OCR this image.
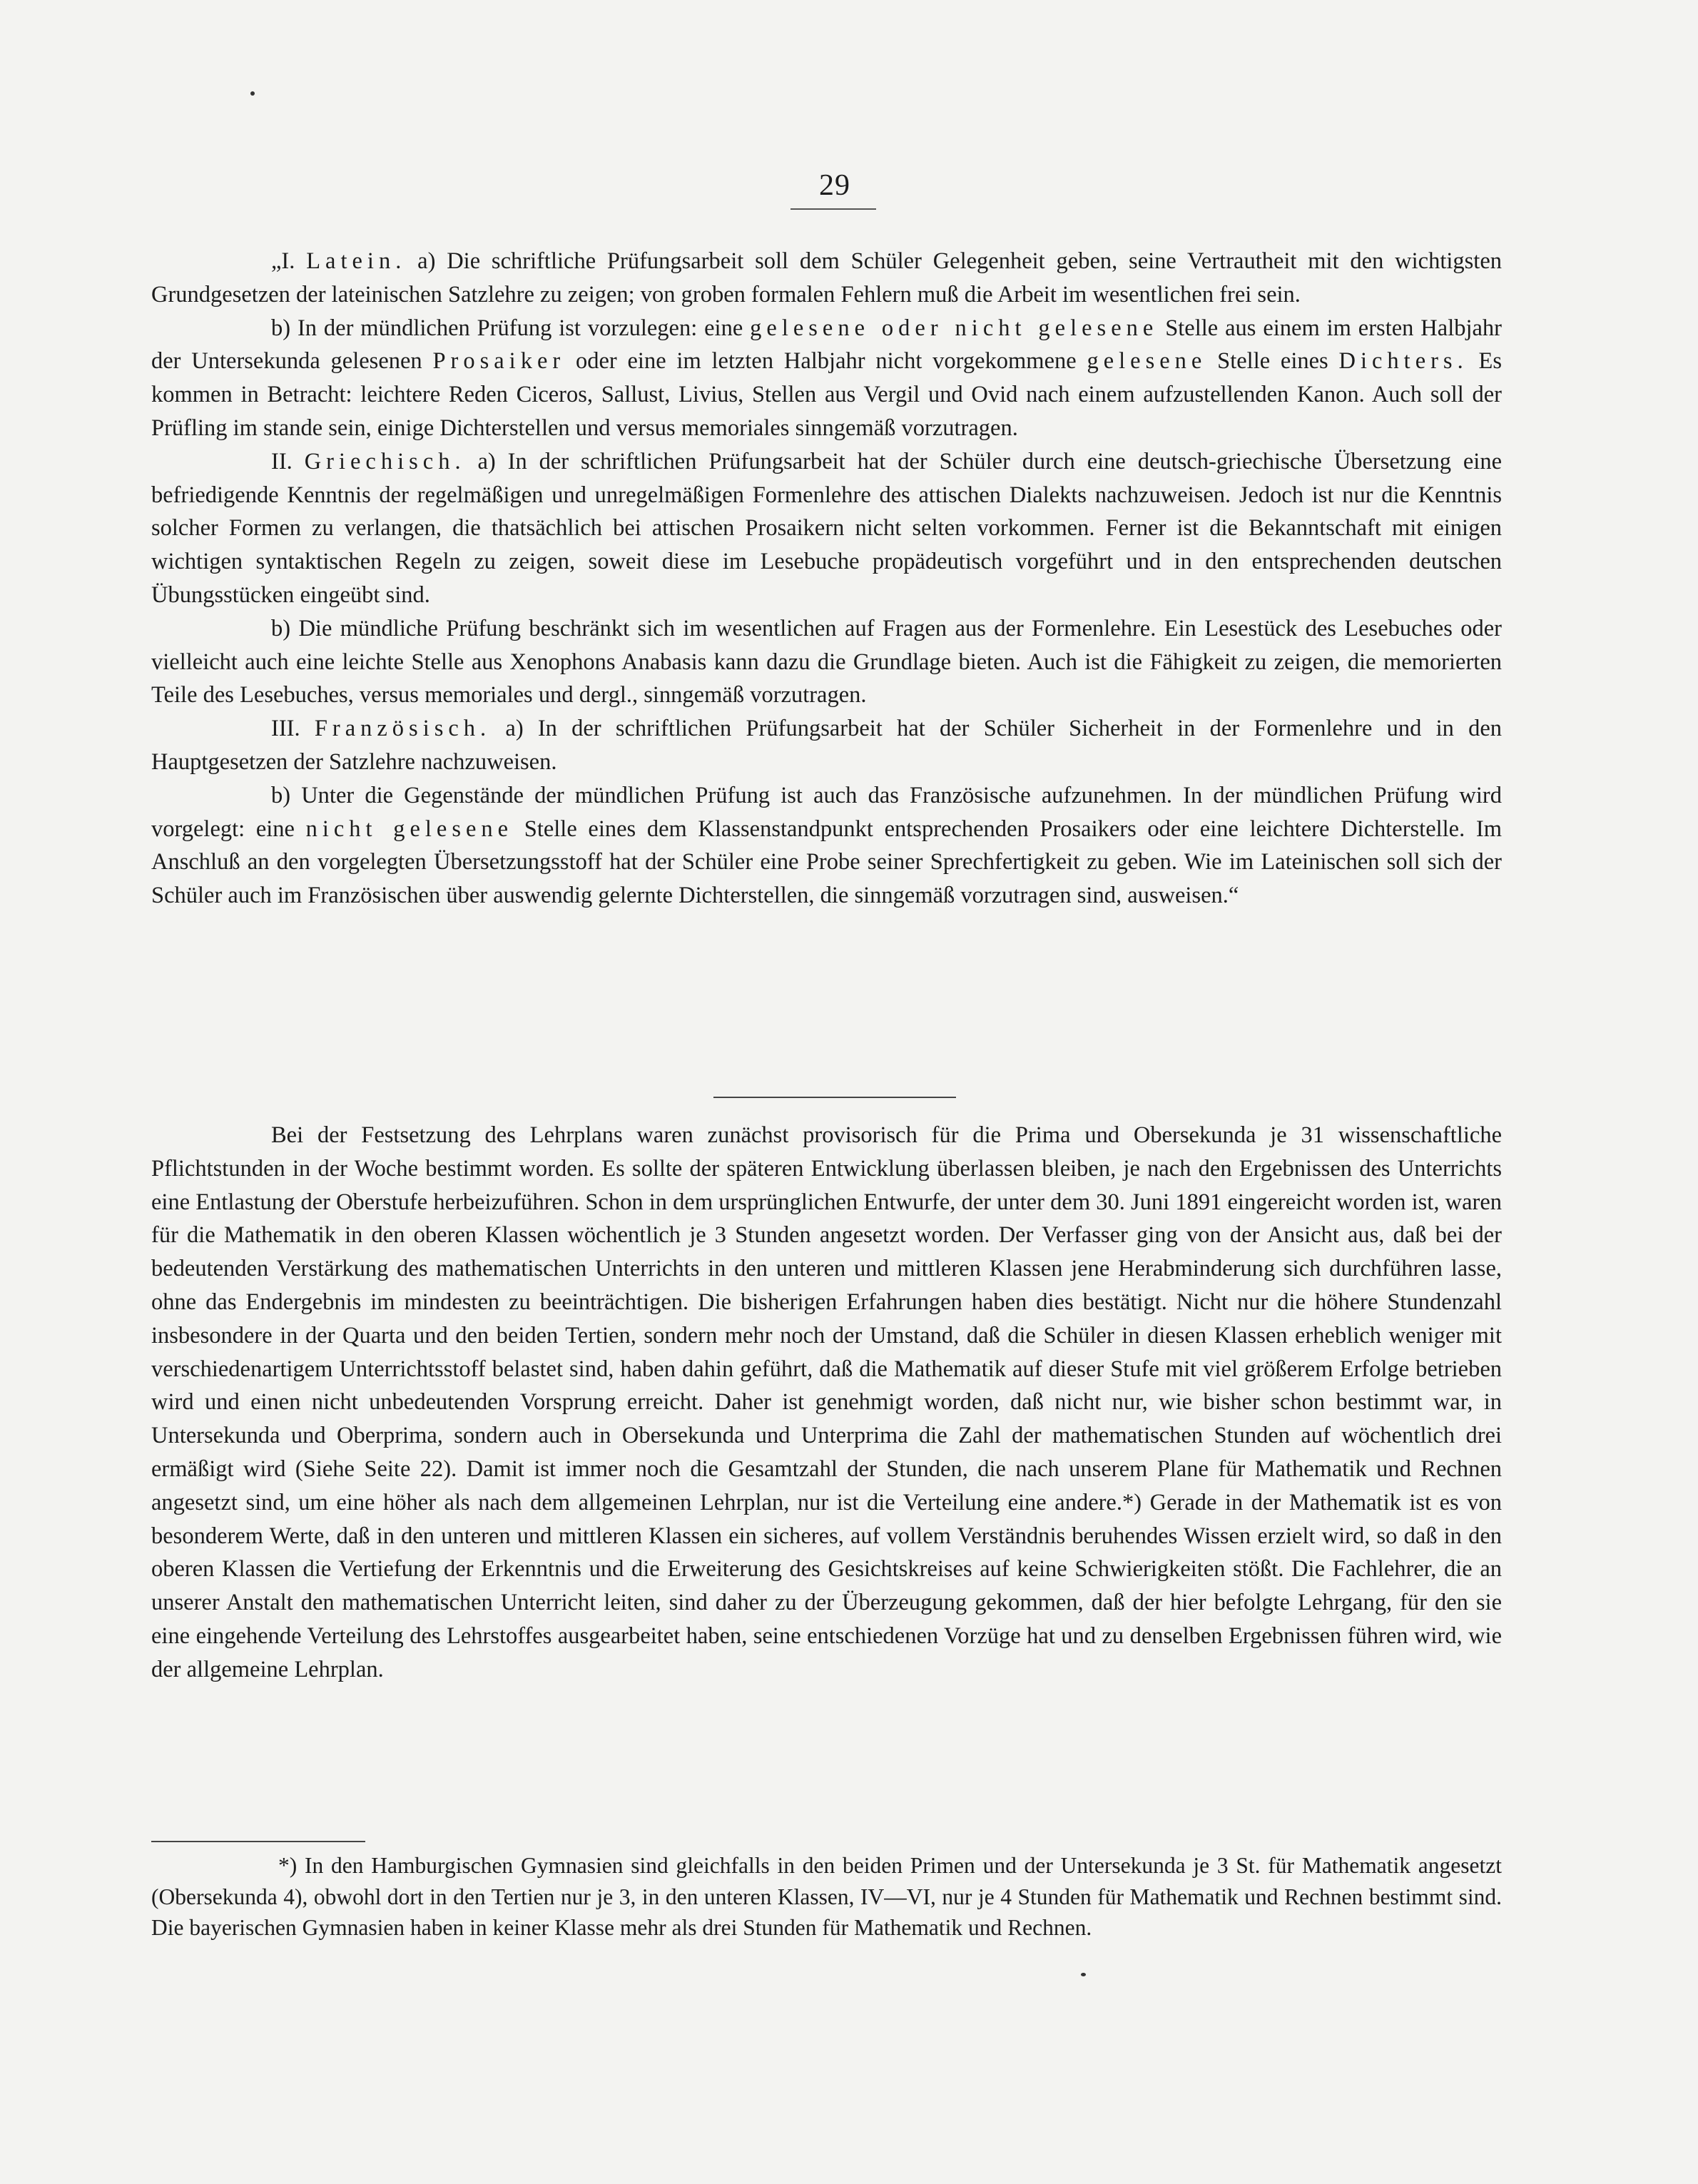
29

„I. Latein. a) Die schriftliche Prüfungsarbeit soll dem Schüler Gelegenheit geben, seine Vertrautheit mit den wichtigsten Grundgesetzen der lateinischen Satzlehre zu zeigen; von groben formalen Fehlern muß die Arbeit im wesentlichen frei sein.

b) In der mündlichen Prüfung ist vorzulegen: eine gelesene oder nicht gelesene Stelle aus einem im ersten Halbjahr der Untersekunda gelesenen Prosaiker oder eine im letzten Halbjahr nicht vorgekommene gelesene Stelle eines Dichters. Es kommen in Betracht: leichtere Reden Ciceros, Sallust, Livius, Stellen aus Vergil und Ovid nach einem aufzustellenden Kanon. Auch soll der Prüfling im stande sein, einige Dichterstellen und versus memoriales sinngemäß vorzutragen.

II. Griechisch. a) In der schriftlichen Prüfungsarbeit hat der Schüler durch eine deutsch-griechische Übersetzung eine befriedigende Kenntnis der regelmäßigen und unregelmäßigen Formenlehre des attischen Dialekts nachzuweisen. Jedoch ist nur die Kenntnis solcher Formen zu verlangen, die thatsächlich bei attischen Prosaikern nicht selten vorkommen. Ferner ist die Bekanntschaft mit einigen wichtigen syntaktischen Regeln zu zeigen, soweit diese im Lesebuche propädeutisch vorgeführt und in den entsprechenden deutschen Übungsstücken eingeübt sind.

b) Die mündliche Prüfung beschränkt sich im wesentlichen auf Fragen aus der Formenlehre. Ein Lesestück des Lesebuches oder vielleicht auch eine leichte Stelle aus Xenophons Anabasis kann dazu die Grundlage bieten. Auch ist die Fähigkeit zu zeigen, die memorierten Teile des Lesebuches, versus memoriales und dergl., sinngemäß vorzutragen.

III. Französisch. a) In der schriftlichen Prüfungsarbeit hat der Schüler Sicherheit in der Formenlehre und in den Hauptgesetzen der Satzlehre nachzuweisen.

b) Unter die Gegenstände der mündlichen Prüfung ist auch das Französische aufzunehmen. In der mündlichen Prüfung wird vorgelegt: eine nicht gelesene Stelle eines dem Klassenstandpunkt entsprechenden Prosaikers oder eine leichtere Dichterstelle. Im Anschluß an den vorgelegten Übersetzungsstoff hat der Schüler eine Probe seiner Sprechfertigkeit zu geben. Wie im Lateinischen soll sich der Schüler auch im Französischen über auswendig gelernte Dichterstellen, die sinngemäß vorzutragen sind, ausweisen.“

Bei der Festsetzung des Lehrplans waren zunächst provisorisch für die Prima und Obersekunda je 31 wissenschaftliche Pflichtstunden in der Woche bestimmt worden. Es sollte der späteren Entwicklung überlassen bleiben, je nach den Ergebnissen des Unterrichts eine Entlastung der Oberstufe herbeizuführen. Schon in dem ursprünglichen Entwurfe, der unter dem 30. Juni 1891 eingereicht worden ist, waren für die Mathematik in den oberen Klassen wöchentlich je 3 Stunden angesetzt worden. Der Verfasser ging von der Ansicht aus, daß bei der bedeutenden Verstärkung des mathematischen Unterrichts in den unteren und mittleren Klassen jene Herabminderung sich durchführen lasse, ohne das Endergebnis im mindesten zu beeinträchtigen. Die bisherigen Erfahrungen haben dies bestätigt. Nicht nur die höhere Stundenzahl insbesondere in der Quarta und den beiden Tertien, sondern mehr noch der Umstand, daß die Schüler in diesen Klassen erheblich weniger mit verschiedenartigem Unterrichtsstoff belastet sind, haben dahin geführt, daß die Mathematik auf dieser Stufe mit viel größerem Erfolge betrieben wird und einen nicht unbedeutenden Vorsprung erreicht. Daher ist genehmigt worden, daß nicht nur, wie bisher schon bestimmt war, in Untersekunda und Oberprima, sondern auch in Obersekunda und Unterprima die Zahl der mathematischen Stunden auf wöchentlich drei ermäßigt wird (Siehe Seite 22). Damit ist immer noch die Gesamtzahl der Stunden, die nach unserem Plane für Mathematik und Rechnen angesetzt sind, um eine höher als nach dem allgemeinen Lehrplan, nur ist die Verteilung eine andere.*) Gerade in der Mathematik ist es von besonderem Werte, daß in den unteren und mittleren Klassen ein sicheres, auf vollem Verständnis beruhendes Wissen erzielt wird, so daß in den oberen Klassen die Vertiefung der Erkenntnis und die Erweiterung des Gesichtskreises auf keine Schwierigkeiten stößt. Die Fachlehrer, die an unserer Anstalt den mathematischen Unterricht leiten, sind daher zu der Überzeugung gekommen, daß der hier befolgte Lehrgang, für den sie eine eingehende Verteilung des Lehrstoffes ausgearbeitet haben, seine entschiedenen Vorzüge hat und zu denselben Ergebnissen führen wird, wie der allgemeine Lehrplan.

*) In den Hamburgischen Gymnasien sind gleichfalls in den beiden Primen und der Untersekunda je 3 St. für Mathematik angesetzt (Obersekunda 4), obwohl dort in den Tertien nur je 3, in den unteren Klassen, IV—VI, nur je 4 Stunden für Mathematik und Rechnen bestimmt sind. Die bayerischen Gymnasien haben in keiner Klasse mehr als drei Stunden für Mathematik und Rechnen.
